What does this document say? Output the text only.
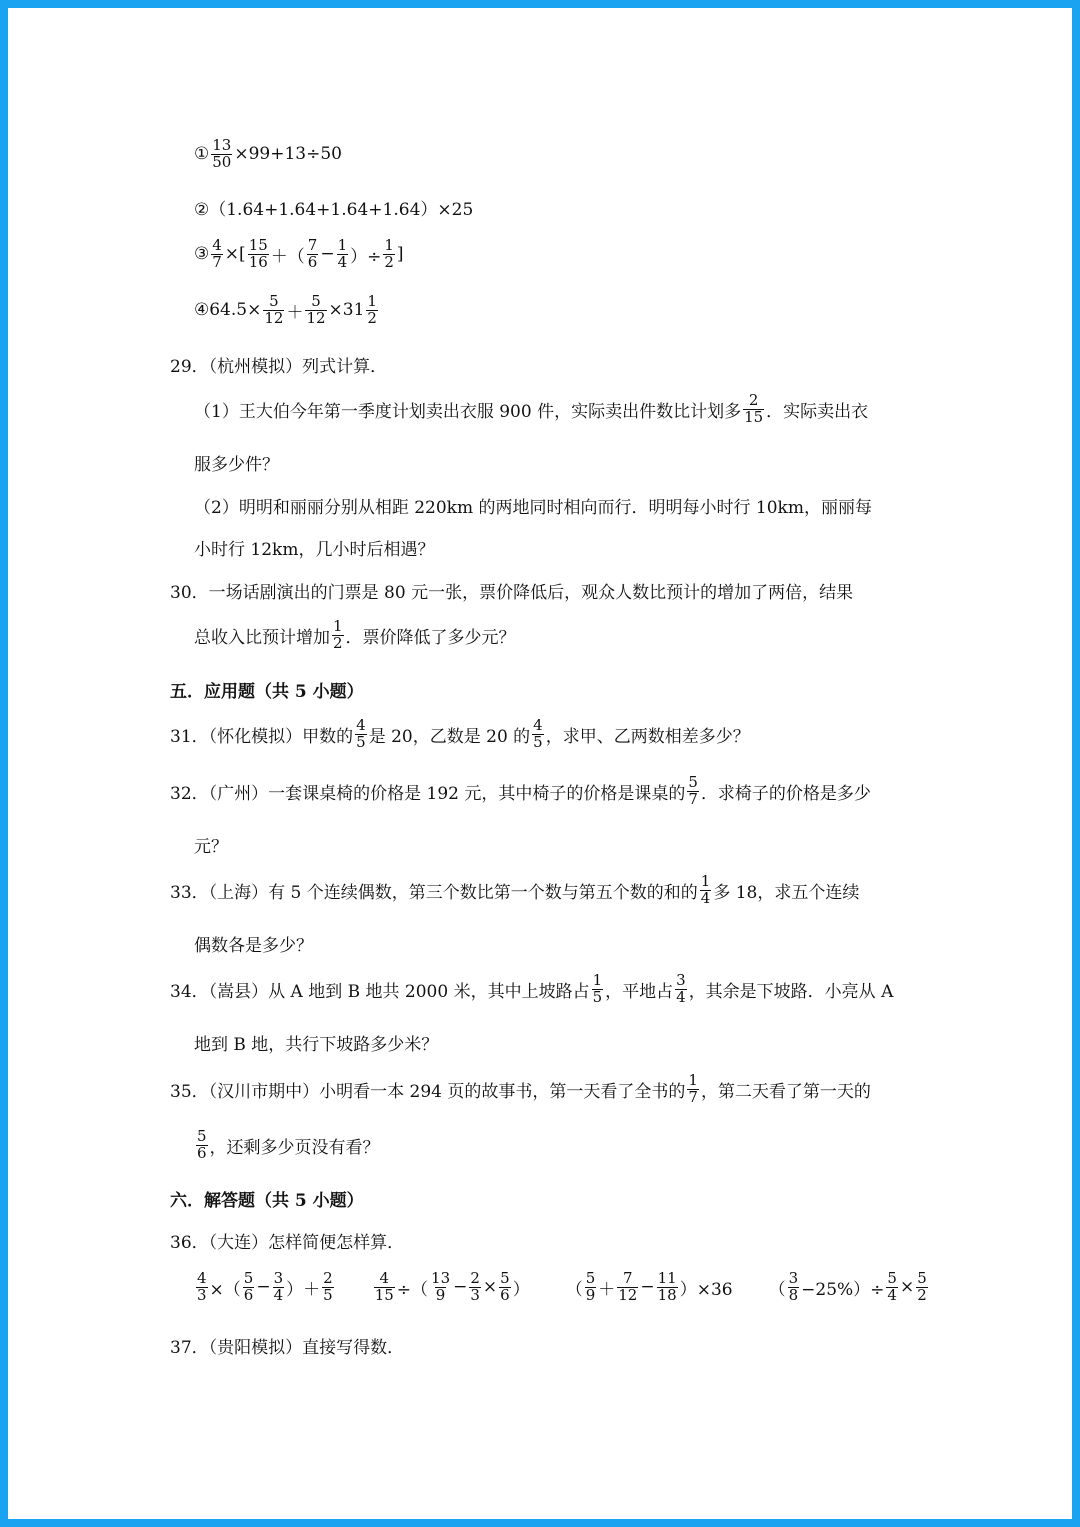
① $\frac{13}{50} \times 99+13\div 50$
②（1.64+1.64+1.64+1.64）×25
③ $\frac{4}{7}$ ×[ $\frac{15}{16}$ ＋（ $\frac{7}{6} - \frac{1}{4}$ ）÷ $\frac{1}{2}$ ]
④64.5× $\frac{5}{12} + \frac{5}{12} \times 31 \frac{1}{2}$
29．（杭州模拟）列式计算．
（1）王大伯今年第一季度计划卖出衣服 900 件，实际卖出件数比计划多 $\frac{2}{15}$ ．实际卖出衣
服多少件？
（2）明明和丽丽分别从相距 220km 的两地同时相向而行．明明每小时行 10km，丽丽每
小时行 12km，几小时后相遇？
30．一场话剧演出的门票是 80 元一张，票价降低后，观众人数比预计的增加了两倍，结果
总收入比预计增加 $\frac{1}{2}$ ．票价降低了多少元？
五．应用题（共 5 小题）
31．（怀化模拟）甲数的 $\frac{4}{5}$ 是 20，乙数是 20 的 $\frac{4}{5}$ ，求甲、乙两数相差多少？
32．（广州）一套课桌椅的价格是 192 元，其中椅子的价格是课桌的 $\frac{5}{7}$ ．求椅子的价格是多少
元？
33．（上海）有 5 个连续偶数，第三个数比第一个数与第五个数的和的 $\frac{1}{4}$ 多 18，求五个连续
偶数各是多少？
34．（嵩县）从 A 地到 B 地共 2000 米，其中上坡路占 $\frac{1}{5}$ ，平地占 $\frac{3}{4}$ ，其余是下坡路．小亮从 A
地到 B 地，共行下坡路多少米？
35．（汉川市期中）小明看一本 294 页的故事书，第一天看了全书的 $\frac{1}{7}$ ，第二天看了第一天的
$\frac{5}{6}$ ，还剩多少页没有看？
六．解答题（共 5 小题）
36．（大连）怎样简便怎样算．
$\frac{4}{3}$ ×（ $\frac{5}{6} - \frac{3}{4}$ ）＋ $\frac{2}{5}$	$\frac{4}{15}$ ÷（ $\frac{13}{9} - \frac{2}{3} \times \frac{5}{6}$ ） （ $\frac{5}{9} + \frac{7}{12} - \frac{11}{18} )\times 36$ （ $\frac{3}{8} -25\%)\div \frac{5}{4} \times \frac{5}{2}$
37．（贵阳模拟）直接写得数．
